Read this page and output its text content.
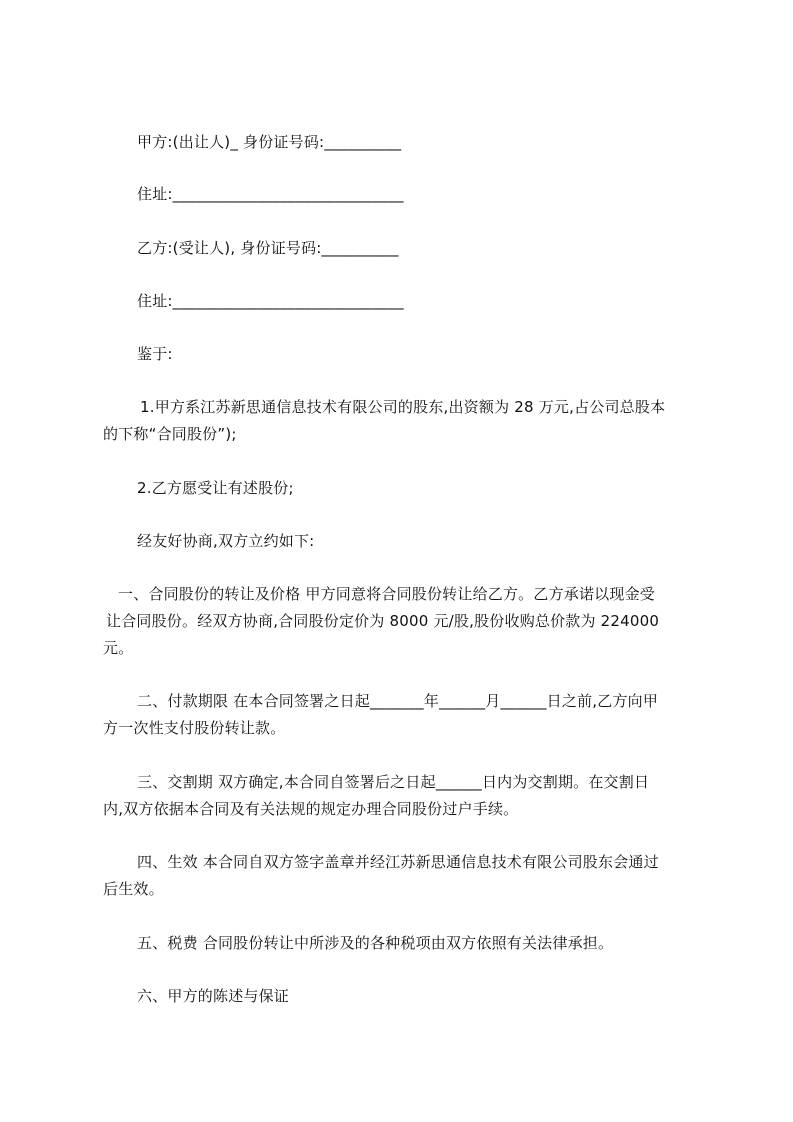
甲方:(出让人)_ 身份证号码:__________
住址:______________________________
乙方:(受让人), 身份证号码:__________
住址:______________________________
鉴于:
1.甲方系江苏新思通信息技术有限公司的股东,出资额为 28 万元,占公司总股本
的下称“合同股份”);
2.乙方愿受让有述股份;
经友好协商,双方立约如下:
一、合同股份的转让及价格 甲方同意将合同股份转让给乙方。乙方承诺以现金受
让合同股份。经双方协商,合同股份定价为 8000 元/股,股份收购总价款为 224000
元。
二、付款期限 在本合同签署之日起_______年______月______日之前,乙方向甲
方一次性支付股份转让款。
三、交割期 双方确定,本合同自签署后之日起______日内为交割期。在交割日
内,双方依据本合同及有关法规的规定办理合同股份过户手续。
四、生效 本合同自双方签字盖章并经江苏新思通信息技术有限公司股东会通过
后生效。
五、税费 合同股份转让中所涉及的各种税项由双方依照有关法律承担。
六、甲方的陈述与保证
